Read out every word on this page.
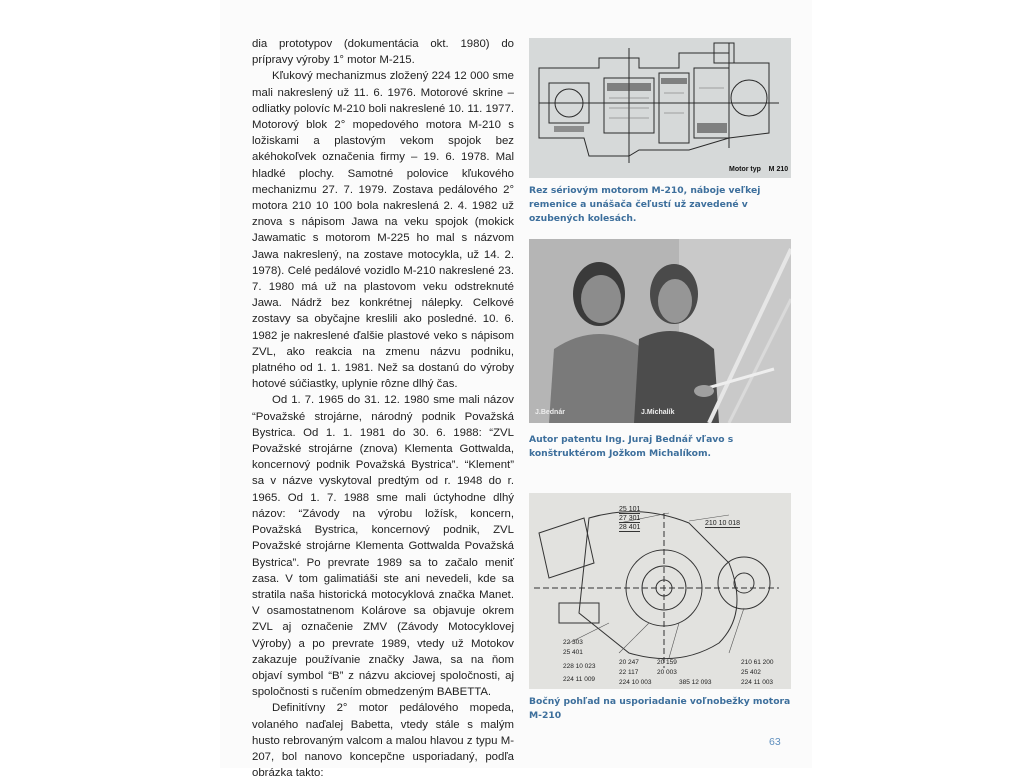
dia prototypov (dokumentácia okt. 1980) do prípravy výroby 1° motor M-215.

Kľukový mechanizmus zložený 224 12 000 sme mali nakreslený už 11. 6. 1976. Motorové skrine – odliatky polovíc M-210 boli nakreslené 10. 11. 1977. Motorový blok 2° mopedového motora M-210 s ložiskami a plastovým vekom spojok bez akéhokoľvek označenia firmy – 19. 6. 1978. Mal hladké plochy. Samotné polovice kľukového mechanizmu 27. 7. 1979. Zostava pedálového 2° motora 210 10 100 bola nakreslená 2. 4. 1982 už znova s nápisom Jawa na veku spojok (mokick Jawamatic s motorom M-225 ho mal s názvom Jawa nakreslený, na zostave motocykla, už 14. 2. 1978). Celé pedálové vozidlo M-210 nakreslené 23. 7. 1980 má už na plastovom veku odstreknuté Jawa. Nádrž bez konkrétnej nálepky. Celkové zostavy sa obyčajne kreslili ako posledné. 10. 6. 1982 je nakreslené ďalšie plastové veko s nápisom ZVL, ako reakcia na zmenu názvu podniku, platného od 1. 1. 1981. Než sa dostanú do výroby hotové súčiastky, uplynie rôzne dlhý čas.

Od 1. 7. 1965 do 31. 12. 1980 sme mali názov “Považské strojárne, národný podnik Považská Bystrica. Od 1. 1. 1981 do 30. 6. 1988: “ZVL Považské strojárne (znova) Klementa Gottwalda, koncernový podnik Považská Bystrica”. “Klement” sa v názve vyskytoval predtým od r. 1948 do r. 1965. Od 1. 7. 1988 sme mali úctyhodne dlhý názov: “Závody na výrobu ložísk, koncern, Považská Bystrica, koncernový podnik, ZVL Považské strojárne Klementa Gottwalda Považská Bystrica”. Po prevrate 1989 sa to začalo meniť zasa. V tom galimatiáši ste ani nevedeli, kde sa stratila naša historická motocyklová značka Manet. V osamostatnenom Kolárove sa objavuje okrem ZVL aj označenie ZMV (Závody Motocyklovej Výroby) a po prevrate 1989, vtedy už Motokov zakazuje používanie značky Jawa, sa na ňom objaví symbol “B” z názvu akciovej spoločnosti, aj spoločnosti s ručením obmedzeným BABETTA.

Definitívny 2° motor pedálového mopeda, volaného naďalej Babetta, vtedy stále s malým husto rebrovaným valcom a malou hlavou z typu M-207, bol nanovo koncepčne usporiadaný, podľa obrázka takto:

Motor typ    M 210
Rez sériovým motorom M-210, náboje veľkej remenice a unášača čeľustí už zavedené v ozubených kolesách.
J.Bednár	J.Michalík
Autor patentu Ing. Juraj Bednář vľavo s konštruktérom Jožkom Michalíkom.
25 101
27 301
28 401
210 10 018
22 303
25 401
20 247	20 159
228 10 023
22 117
224 11 009
20 003
224 10 003	385 12 093
210 61 200
25 402
224 11 003
Bočný pohľad na usporiadanie voľnobežky motora M-210
63
